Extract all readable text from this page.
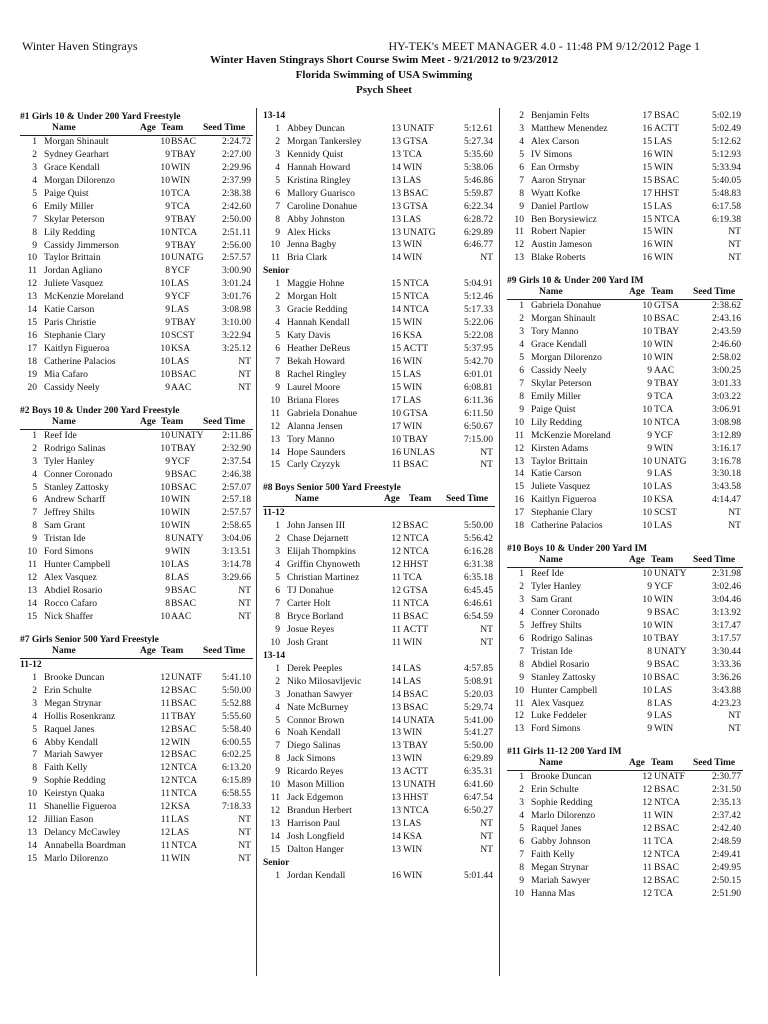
Winter Haven Stingrays	HY-TEK's MEET MANAGER 4.0 - 11:48 PM 9/12/2012 Page 1
Winter Haven Stingrays Short Course Swim Meet - 9/21/2012 to 9/23/2012
Florida Swimming of USA Swimming
Psych Sheet
#1 Girls 10 & Under 200 Yard Freestyle
Name	Age Team Seed Time
1 Morgan Shinault	10 BSAC	2:24.72
2 Sydney Gearhart	9 TBAY	2:27.00
3 Grace Kendall	10 WIN	2:29.96
4 Morgan Dilorenzo	10 WIN	2:37.99
5 Paige Quist	10 TCA	2:38.38
6 Emily Miller	9 TCA	2:42.60
7 Skylar Peterson	9 TBAY	2:50.00
8 Lily Redding	10 NTCA	2:51.11
9 Cassidy Jimmerson	9 TBAY	2:56.00
10 Taylor Brittain	10 UNATG 2:57.57
11 Jordan Agliano	8 YCF	3:00.90
12 Juliete Vasquez	10 LAS	3:01.24
13 McKenzie Moreland	9 YCF	3:01.76
14 Katie Carson	9 LAS	3:08.98
15 Paris Christie	9 TBAY	3:10.00
16 Stephanie Clary	10 SCST	3:22.94
17 Kaitlyn Figueroa	10 KSA	3:25.12
18 Catherine Palacios	10 LAS	NT
19 Mia Cafaro	10 BSAC	NT
20 Cassidy Neely	9 AAC	NT
#2 Boys 10 & Under 200 Yard Freestyle
Name	Age Team Seed Time
1 Reef Ide	10 UNATY 2:11.86
2 Rodrigo Salinas	10 TBAY	2:32.90
3 Tyler Hanley	9 YCF	2:37.54
4 Conner Coronado	9 BSAC	2:46.38
5 Stanley Zattosky	10 BSAC	2:57.07
6 Andrew Scharff	10 WIN	2:57.18
7 Jeffrey Shilts	10 WIN	2:57.57
8 Sam Grant	10 WIN	2:58.65
9 Tristan Ide	8 UNATY 3:04.06
10 Ford Simons	9 WIN	3:13.51
11 Hunter Campbell	10 LAS	3:14.78
12 Alex Vasquez	8 LAS	3:29.66
13 Abdiel Rosario	9 BSAC	NT
14 Rocco Cafaro	8 BSAC	NT
15 Nick Shaffer	10 AAC	NT
#7 Girls Senior 500 Yard Freestyle
Name	Age Team Seed Time
11-12
1 Brooke Duncan	12 UNATF 5:41.10
2 Erin Schulte	12 BSAC	5:50.00
3 Megan Strynar	11 BSAC	5:52.88
4 Hollis Rosenkranz	11 TBAY	5:55.60
5 Raquel Janes	12 BSAC	5:58.40
6 Abby Kendall	12 WIN	6:00.55
7 Mariah Sawyer	12 BSAC	6:02.25
8 Faith Kelly	12 NTCA	6:13.20
9 Sophie Redding	12 NTCA	6:15.89
10 Keirstyn Quaka	11 NTCA	6:58.55
11 Shanellie Figueroa	12 KSA	7:18.33
12 Jillian Eason	11 LAS	NT
13 Delancy McCawley	12 LAS	NT
14 Annabella Boardman	11 NTCA	NT
15 Marlo Dilorenzo	11 WIN	NT
13-14
1 Abbey Duncan	13 UNATF	5:12.61
2 Morgan Tankersley	13 GTSA	5:27.34
3 Kennidy Quist	13 TCA	5:35.60
4 Hannah Howard	14 WIN	5:38.06
5 Kristina Ringley	13 LAS	5:46.86
6 Mallory Guarisco	13 BSAC	5:59.87
7 Caroline Donahue	13 GTSA	6:22.34
8 Abby Johnston	13 LAS	6:28.72
9 Alex Hicks	13 UNATG	6:29.89
10 Jenna Bagby	13 WIN	6:46.77
11 Bria Clark	14 WIN	NT
Senior
1 Maggie Hohne	15 NTCA	5:04.91
2 Morgan Holt	15 NTCA	5:12.46
3 Gracie Redding	14 NTCA	5:17.33
4 Hannah Kendall	15 WIN	5:22.06
5 Katy Davis	16 KSA	5:22.08
6 Heather DeReus	15 ACTT	5:37.95
7 Bekah Howard	16 WIN	5:42.70
8 Rachel Ringley	15 LAS	6:01.01
9 Laurel Moore	15 WIN	6:08.81
10 Briana Flores	17 LAS	6:11.36
11 Gabriela Donahue	10 GTSA	6:11.50
12 Alanna Jensen	17 WIN	6:50.67
13 Tory Manno	10 TBAY	7:15.00
14 Hope Saunders	16 UNLAS	NT
15 Carly Czyzyk	11 BSAC	NT
#8 Boys Senior 500 Yard Freestyle
Name	Age Team Seed Time
11-12
1 John Jansen III	12 BSAC	5:50.00
2 Chase Dejarnett	12 NTCA	5:56.42
3 Elijah Thompkins	12 NTCA	6:16.28
4 Griffin Chynoweth	12 HHST	6:31.38
5 Christian Martinez	11 TCA	6:35.18
6 TJ Donahue	12 GTSA	6:45.45
7 Carter Holt	11 NTCA	6:46.61
8 Bryce Borland	11 BSAC	6:54.59
9 Josue Reyes	11 ACTT	NT
10 Josh Grant	11 WIN	NT
13-14
1 Derek Peeples	14 LAS	4:57.85
2 Niko Milosavljevic	14 LAS	5:08.91
3 Jonathan Sawyer	14 BSAC	5:20.03
4 Nate McBurney	13 BSAC	5:29.74
5 Connor Brown	14 UNATA	5:41.00
6 Noah Kendall	13 WIN	5:41.27
7 Diego Salinas	13 TBAY	5:50.00
8 Jack Simons	13 WIN	6:29.89
9 Ricardo Reyes	13 ACTT	6:35.31
10 Mason Million	13 UNATH	6:41.60
11 Jack Edgemon	13 HHST	6:47.54
12 Brandun Herbert	13 NTCA	6:50.27
13 Harrison Paul	13 LAS	NT
14 Josh Longfield	14 KSA	NT
15 Dalton Hanger	13 WIN	NT
Senior
1 Jordan Kendall	16 WIN	5:01.44
2 Benjamin Felts	17 BSAC	5:02.19
3 Matthew Menendez	16 ACTT	5:02.49
4 Alex Carson	15 LAS	5:12.62
5 IV Simons	16 WIN	5:12.93
6 Ean Ormsby	15 WIN	5:33.94
7 Aaron Strynar	15 BSAC	5:40.05
8 Wyatt Kofke	17 HHST	5:48.83
9 Daniel Partlow	15 LAS	6:17.58
10 Ben Borysiewicz	15 NTCA	6:19.38
11 Robert Napier	15 WIN	NT
12 Austin Jameson	16 WIN	NT
13 Blake Roberts	16 WIN	NT
#9 Girls 10 & Under 200 Yard IM
Name	Age Team Seed Time
1 Gabriela Donahue	10 GTSA	2:38.62
2 Morgan Shinault	10 BSAC	2:43.16
3 Tory Manno	10 TBAY	2:43.59
4 Grace Kendall	10 WIN	2:46.60
5 Morgan Dilorenzo	10 WIN	2:58.02
6 Cassidy Neely	9 AAC	3:00.25
7 Skylar Peterson	9 TBAY	3:01.33
8 Emily Miller	9 TCA	3:03.22
9 Paige Quist	10 TCA	3:06.91
10 Lily Redding	10 NTCA	3:08.98
11 McKenzie Moreland	9 YCF	3:12.89
12 Kirsten Adams	9 WIN	3:16.17
13 Taylor Brittain	10 UNATG	3:16.78
14 Katie Carson	9 LAS	3:30.18
15 Juliete Vasquez	10 LAS	3:43.58
16 Kaitlyn Figueroa	10 KSA	4:14.47
17 Stephanie Clary	10 SCST	NT
18 Catherine Palacios	10 LAS	NT
#10 Boys 10 & Under 200 Yard IM
Name	Age Team Seed Time
1 Reef Ide	10 UNATY	2:31.98
2 Tyler Hanley	9 YCF	3:02.46
3 Sam Grant	10 WIN	3:04.46
4 Conner Coronado	9 BSAC	3:13.92
5 Jeffrey Shilts	10 WIN	3:17.47
6 Rodrigo Salinas	10 TBAY	3:17.57
7 Tristan Ide	8 UNATY	3:30.44
8 Abdiel Rosario	9 BSAC	3:33.36
9 Stanley Zattosky	10 BSAC	3:36.26
10 Hunter Campbell	10 LAS	3:43.88
11 Alex Vasquez	8 LAS	4:23.23
12 Luke Feddeler	9 LAS	NT
13 Ford Simons	9 WIN	NT
#11 Girls 11-12 200 Yard IM
Name	Age Team Seed Time
1 Brooke Duncan	12 UNATF	2:30.77
2 Erin Schulte	12 BSAC	2:31.50
3 Sophie Redding	12 NTCA	2:35.13
4 Marlo Dilorenzo	11 WIN	2:37.42
5 Raquel Janes	12 BSAC	2:42.40
6 Gabby Johnson	11 TCA	2:48.59
7 Faith Kelly	12 NTCA	2:49.41
8 Megan Strynar	11 BSAC	2:49.95
9 Mariah Sawyer	12 BSAC	2:50.15
10 Hanna Mas	12 TCA	2:51.90
